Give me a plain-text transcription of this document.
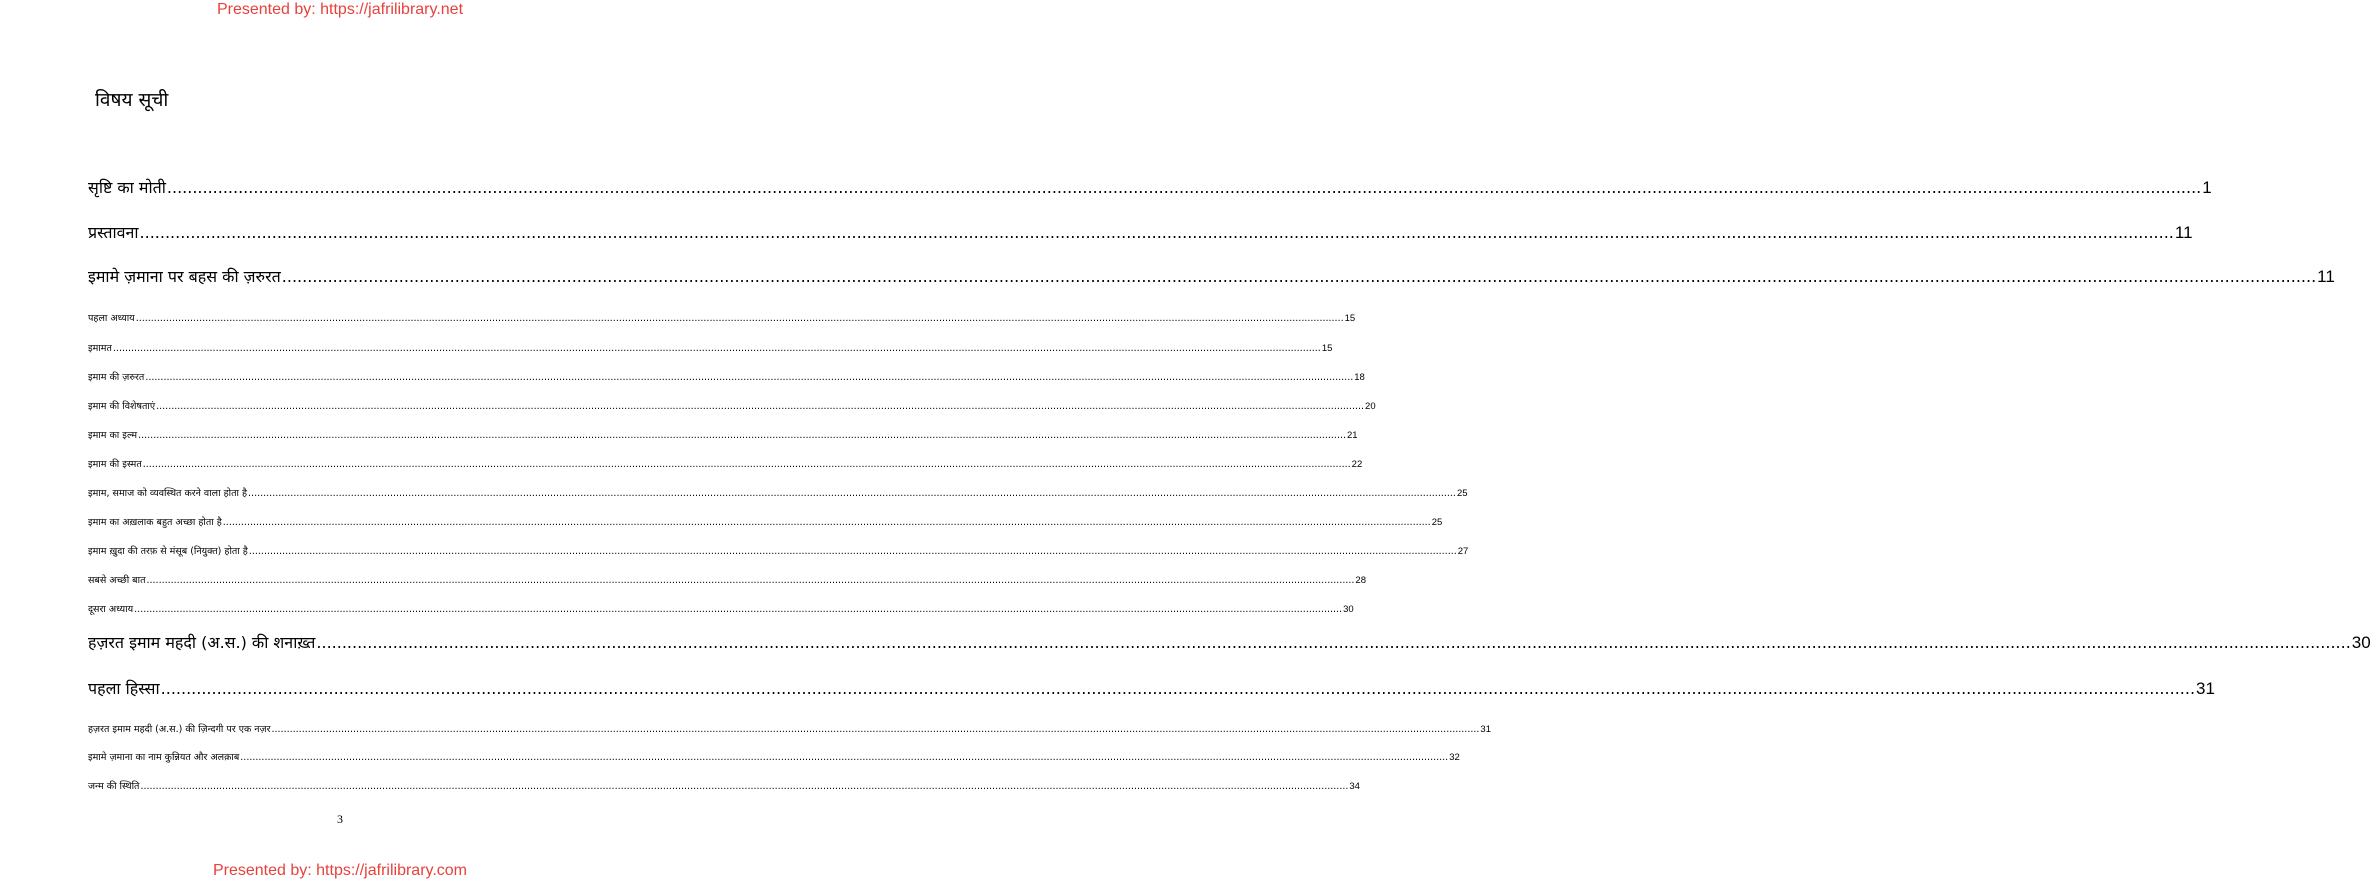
Presented by: https://jafrilibrary.net
विषय सूची
सृष्टि का मोती ................................................................................................................................................................................................................................................................................................................................................................................................................ 1
प्रस्तावना ................................................................................................................................................................................................................................................................................................................................................................................................................ 11
इमामे ज़माना पर बहस की ज़रुरत ................................................................................................................................................................................................................................................................................................................................................................................................................ 11
पहला अध्याय ................................................................................................................................................................................................................................................................................................................................................................................................................ 15
इमामत ................................................................................................................................................................................................................................................................................................................................................................................................................ 15
इमाम की ज़रुरत ................................................................................................................................................................................................................................................................................................................................................................................................................ 18
इमाम की विशेषताएं ................................................................................................................................................................................................................................................................................................................................................................................................................ 20
इमाम का इल्म ................................................................................................................................................................................................................................................................................................................................................................................................................ 21
इमाम की इस्मत ................................................................................................................................................................................................................................................................................................................................................................................................................ 22
इमाम, समाज को व्यवस्थित करने वाला होता है ................................................................................................................................................................................................................................................................................................................................................................................................................ 25
इमाम का अख़लाक बहुत अच्छा होता है ................................................................................................................................................................................................................................................................................................................................................................................................................ 25
इमाम ख़ुदा की तरफ़ से मंसूब (नियुक्त) होता है ................................................................................................................................................................................................................................................................................................................................................................................................................ 27
सबसे अच्छी बात ................................................................................................................................................................................................................................................................................................................................................................................................................ 28
दूसरा अध्याय ................................................................................................................................................................................................................................................................................................................................................................................................................ 30
हज़रत इमाम महदी (अ.स.) की शनाख़्त ................................................................................................................................................................................................................................................................................................................................................................................................................ 30
पहला हिस्सा ................................................................................................................................................................................................................................................................................................................................................................................................................ 31
हज़रत इमाम महदी (अ.स.) की ज़िन्दगी पर एक नज़र ................................................................................................................................................................................................................................................................................................................................................................................................................ 31
इमामे ज़माना का नाम कुन्नियत और अलक़ाब ................................................................................................................................................................................................................................................................................................................................................................................................................ 32
जन्म की स्थिति ................................................................................................................................................................................................................................................................................................................................................................................................................ 34
3
Presented by: https://jafrilibrary.com
